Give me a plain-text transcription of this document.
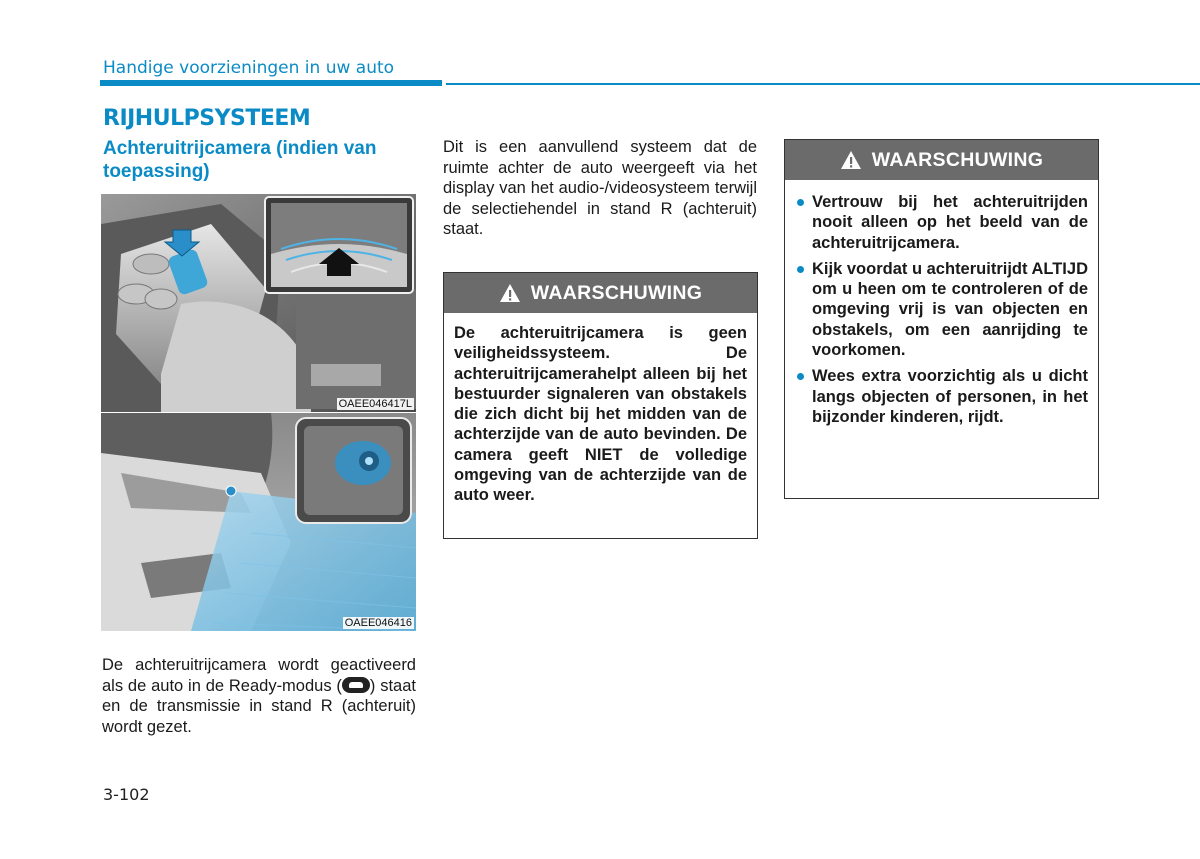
Handige voorzieningen in uw auto
RIJHULPSYSTEEM
Achteruitrijcamera (indien van toepassing)
OAEE046417L
OAEE046416
De achteruitrijcamera wordt geactiveerd als de auto in de Ready-modus ( ) staat en de transmissie in stand R (achteruit) wordt gezet.
Dit is een aanvullend systeem dat de ruimte achter de auto weergeeft via het display van het audio-/videosysteem terwijl de selectiehendel in stand R (achteruit) staat.
WAARSCHUWING
De achteruitrijcamera is geen veiligheidssysteem. De achteruitrijcamerahelpt alleen bij het bestuurder signaleren van obstakels die zich dicht bij het midden van de achterzijde van de auto bevinden. De camera geeft NIET de volledige omgeving van de achterzijde van de auto weer.
WAARSCHUWING
Vertrouw bij het achteruitrijden nooit alleen op het beeld van de achteruitrijcamera.
Kijk voordat u achteruitrijdt ALTIJD om u heen om te controleren of de omgeving vrij is van objecten en obstakels, om een aanrijding te voorkomen.
Wees extra voorzichtig als u dicht langs objecten of personen, in het bijzonder kinderen, rijdt.
3-102
